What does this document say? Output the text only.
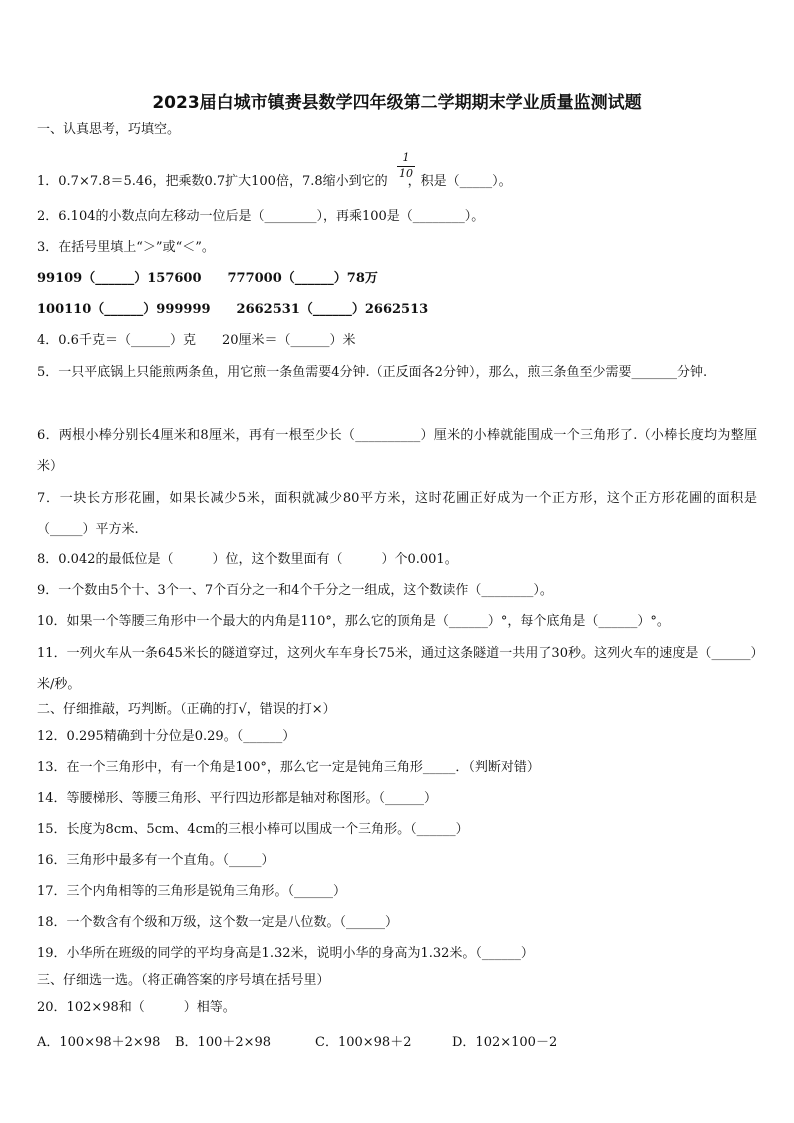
2023届白城市镇赉县数学四年级第二学期期末学业质量监测试题
一、认真思考，巧填空。
1
10
1．0.7×7.8＝5.46，把乘数0.7扩大100倍，7.8缩小到它的 ，积是（_____）。
2．6.104的小数点向左移动一位后是（________），再乘100是（________）。
3．在括号里填上“＞”或“＜”。
99109（______）157600　　777000（______）78万
100110（______）999999　　2662531（______）2662513
4．0.6千克＝（______）克　　20厘米＝（______）米
5．一只平底锅上只能煎两条鱼，用它煎一条鱼需要4分钟.（正反面各2分钟），那么，煎三条鱼至少需要_______分钟.
6．两根小棒分别长4厘米和8厘米，再有一根至少长（__________）厘米的小棒就能围成一个三角形了.（小棒长度均为整厘米）
7．一块长方形花圃，如果长减少5米，面积就减少80平方米，这时花圃正好成为一个正方形，这个正方形花圃的面积是（_____）平方米.
8．0.042的最低位是（　　　）位，这个数里面有（　　　）个0.001。
9．一个数由5个十、3个一、7个百分之一和4个千分之一组成，这个数读作（________）。
10．如果一个等腰三角形中一个最大的内角是110°，那么它的顶角是（______）°，每个底角是（______）°。
11．一列火车从一条645米长的隧道穿过，这列火车车身长75米，通过这条隧道一共用了30秒。这列火车的速度是（______）米/秒。
二、仔细推敲，巧判断。（正确的打√，错误的打×）
12．0.295精确到十分位是0.29。（______）
13．在一个三角形中，有一个角是100°，那么它一定是钝角三角形_____．（判断对错）
14．等腰梯形、等腰三角形、平行四边形都是轴对称图形。（______）
15．长度为8cm、5cm、4cm的三根小棒可以围成一个三角形。（______）
16．三角形中最多有一个直角。（_____）
17．三个内角相等的三角形是锐角三角形。（______）
18．一个数含有个级和万级，这个数一定是八位数。（______）
19．小华所在班级的同学的平均身高是1.32米，说明小华的身高为1.32米。（______）
三、仔细选一选。（将正确答案的序号填在括号里）
20．102×98和（　　　）相等。
A．100×98＋2×98 B．100＋2×98	C．100×98＋2	D．102×100－2
